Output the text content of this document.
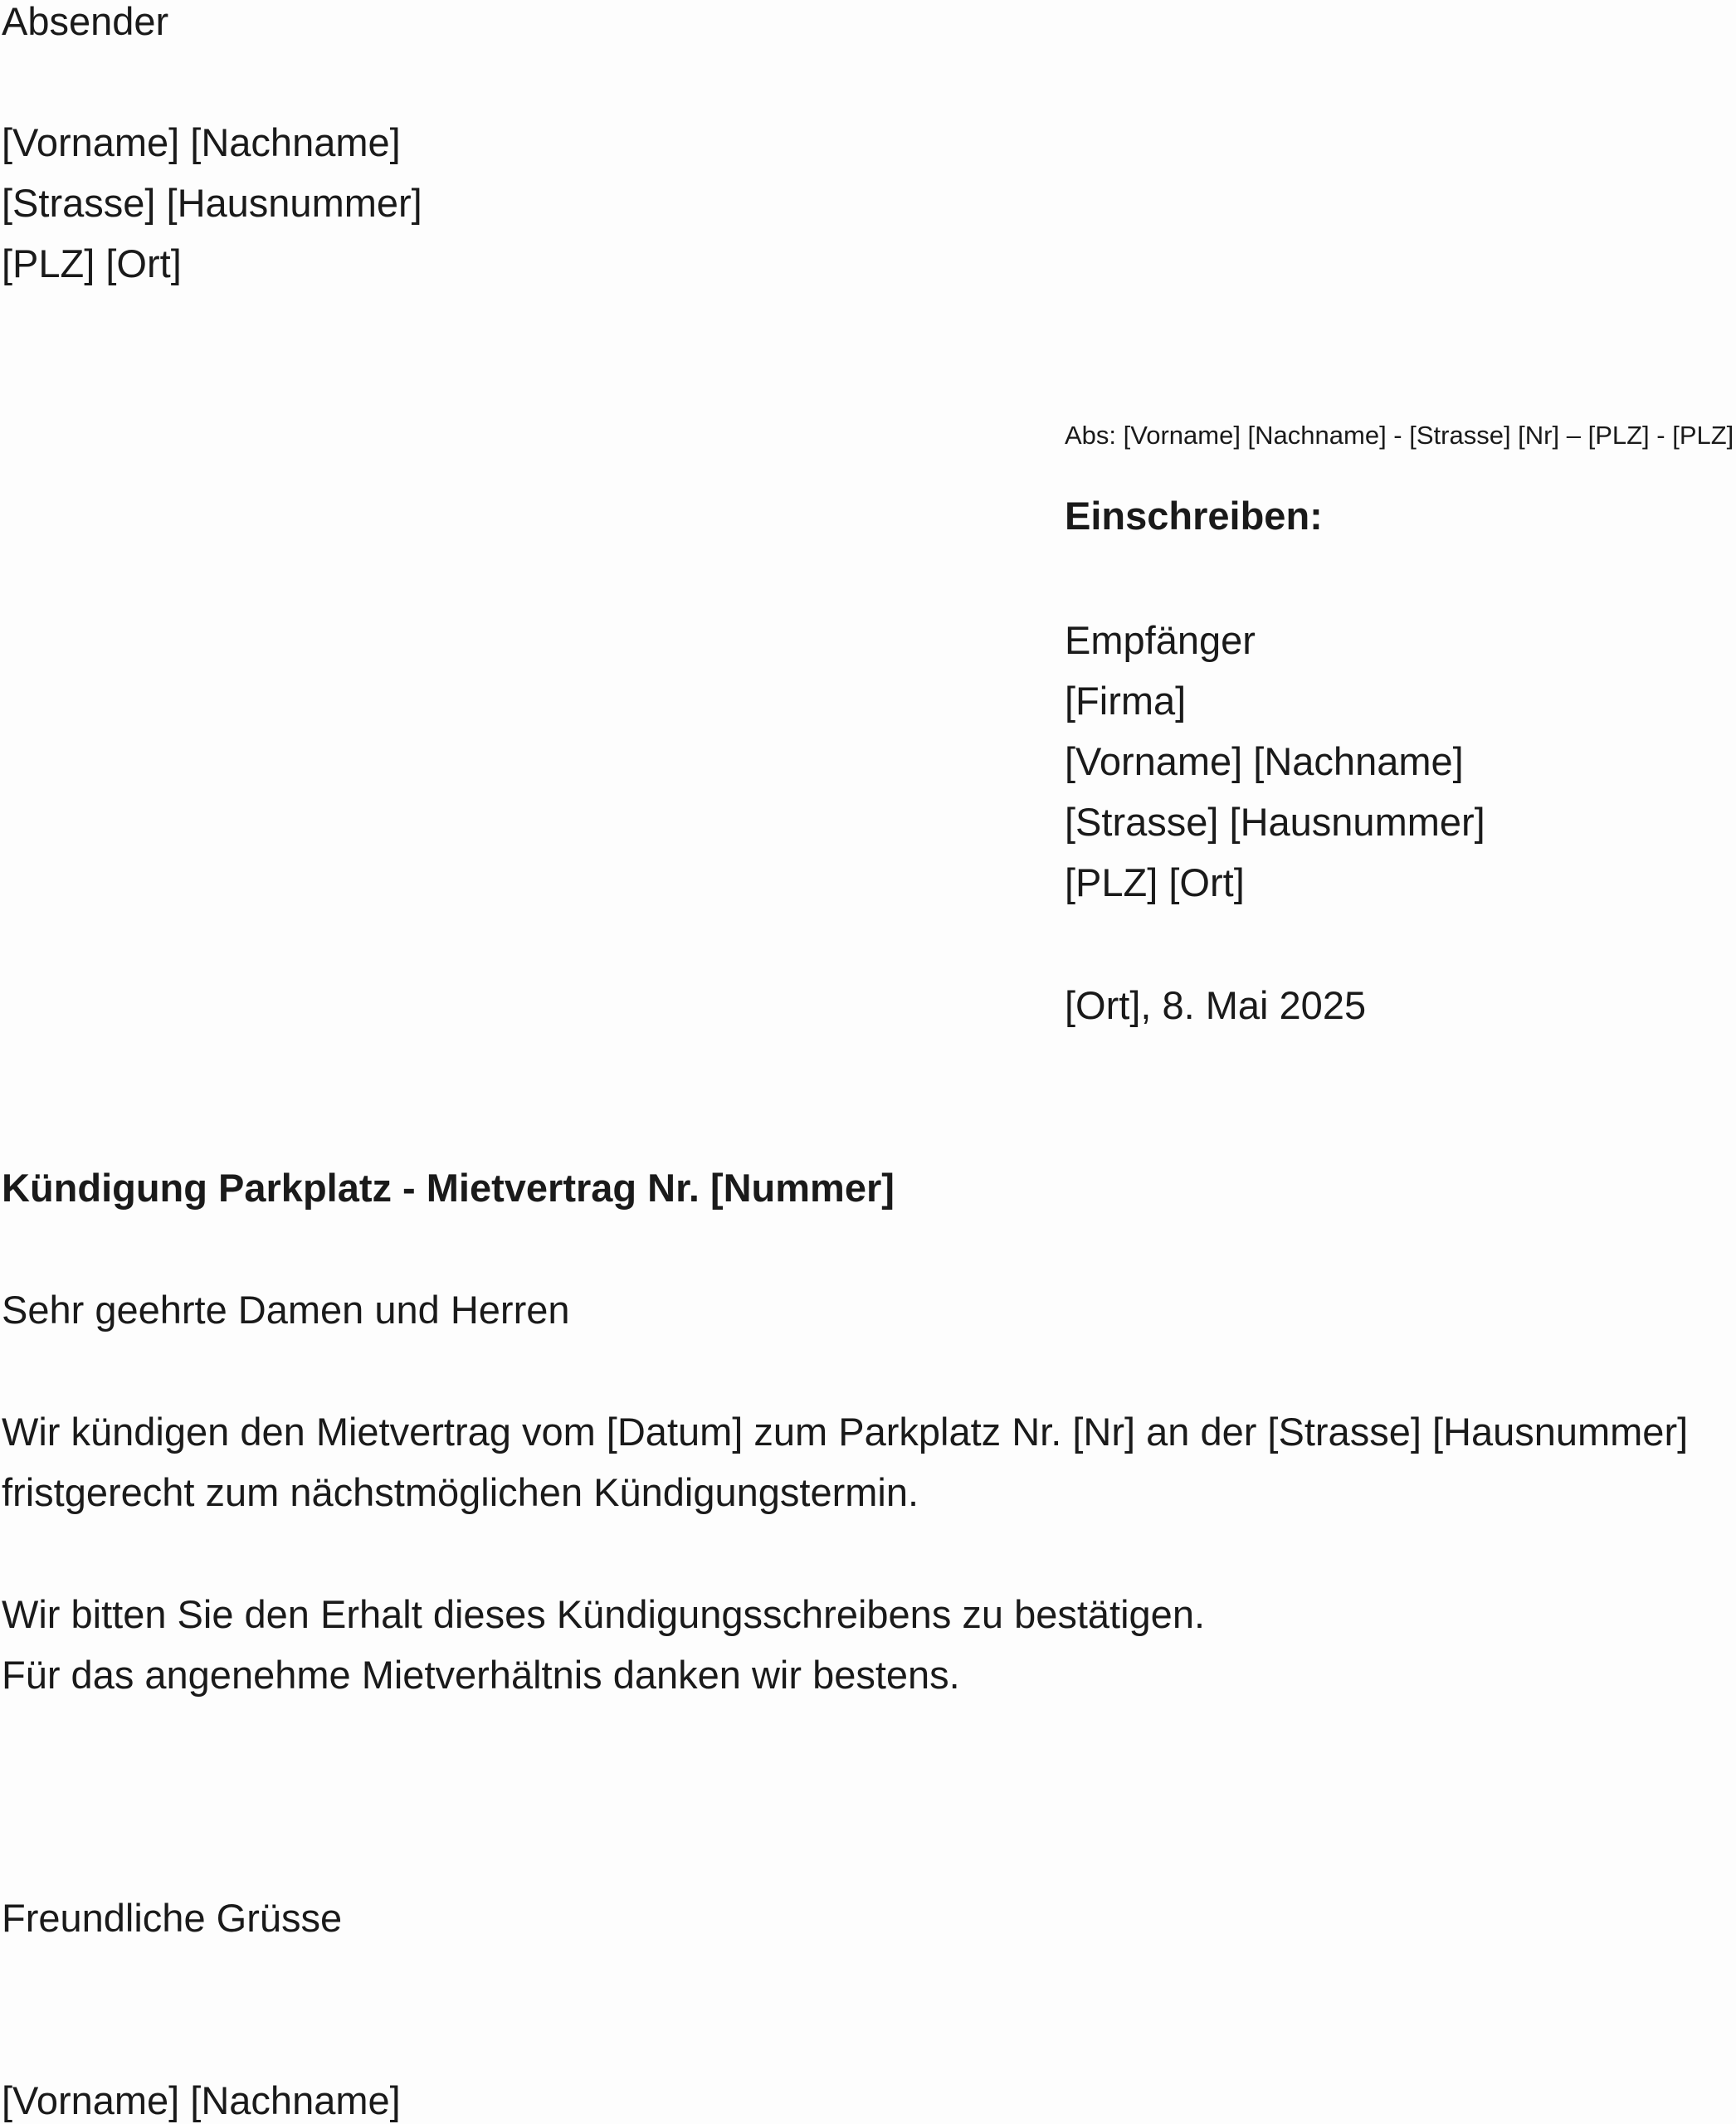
Absender
[Vorname] [Nachname]
[Strasse] [Hausnummer]
[PLZ] [Ort]
Abs: [Vorname] [Nachname] - [Strasse] [Nr] – [PLZ] - [PLZ]
Einschreiben:
Empfänger
[Firma]
[Vorname] [Nachname]
[Strasse] [Hausnummer]
[PLZ] [Ort]
[Ort], 8. Mai 2025
Kündigung Parkplatz - Mietvertrag Nr. [Nummer]
Sehr geehrte Damen und Herren
Wir kündigen den Mietvertrag vom [Datum] zum Parkplatz Nr. [Nr] an der [Strasse] [Hausnummer]
fristgerecht zum nächstmöglichen Kündigungstermin.
Wir bitten Sie den Erhalt dieses Kündigungsschreibens zu bestätigen.
Für das angenehme Mietverhältnis danken wir bestens.
Freundliche Grüsse
[Vorname] [Nachname]
